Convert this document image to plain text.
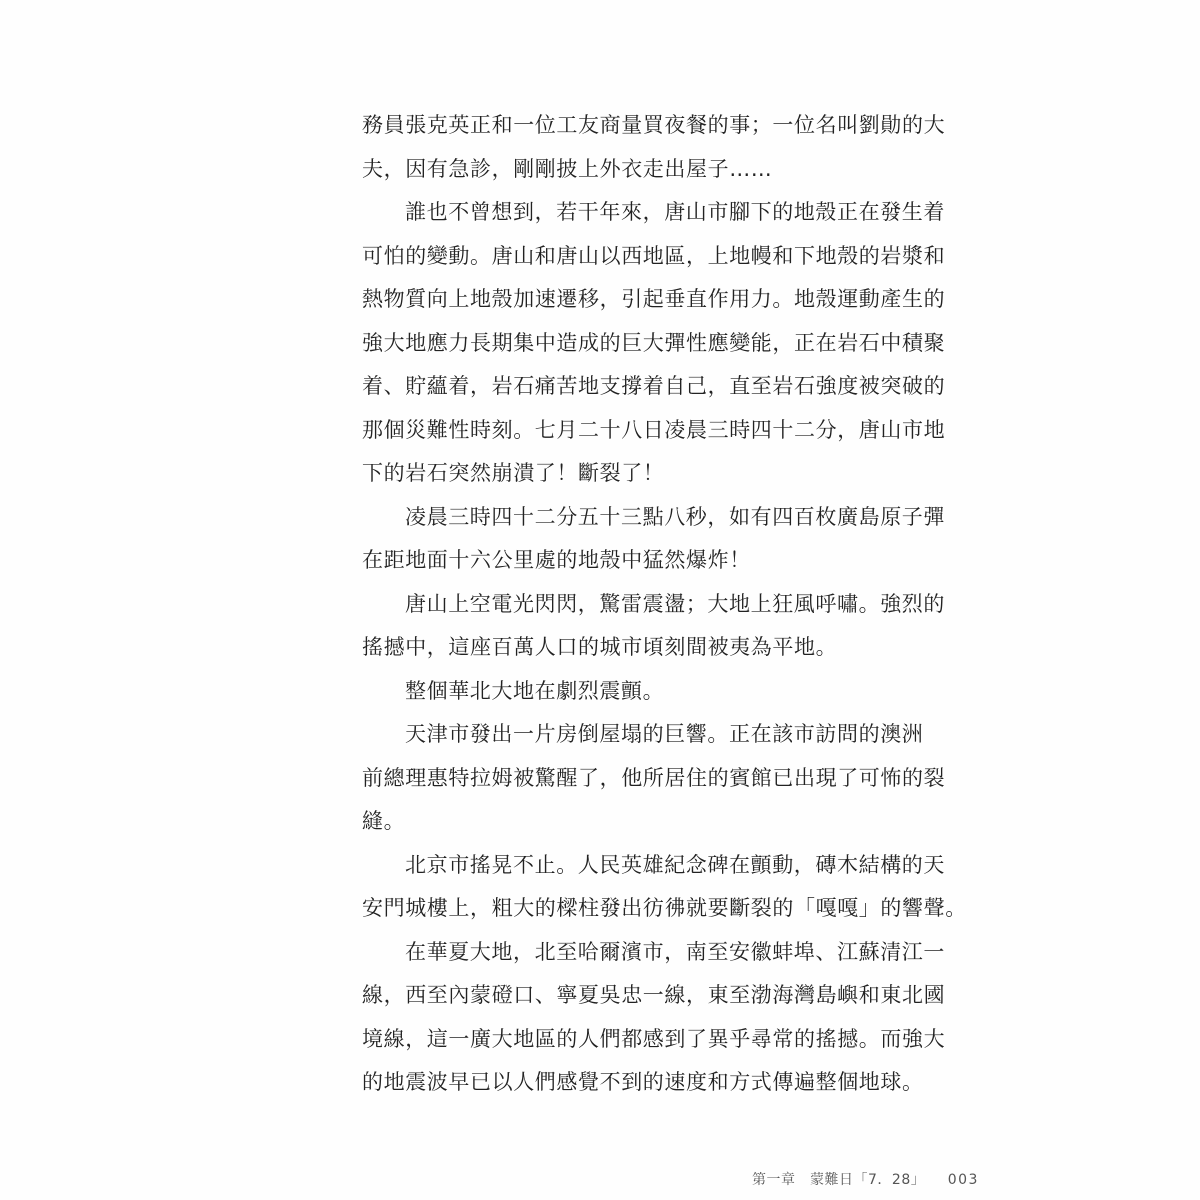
務員張克英正和一位工友商量買夜餐的事；一位名叫劉勛的大
夫，因有急診，剛剛披上外衣走出屋子……
誰也不曾想到，若干年來，唐山市腳下的地殼正在發生着
可怕的變動。唐山和唐山以西地區，上地幔和下地殼的岩漿和
熱物質向上地殼加速遷移，引起垂直作用力。地殼運動產生的
強大地應力長期集中造成的巨大彈性應變能，正在岩石中積聚
着、貯蘊着，岩石痛苦地支撐着自己，直至岩石強度被突破的
那個災難性時刻。七月二十八日凌晨三時四十二分，唐山市地
下的岩石突然崩潰了！斷裂了！
凌晨三時四十二分五十三點八秒，如有四百枚廣島原子彈
在距地面十六公里處的地殼中猛然爆炸！
唐山上空電光閃閃，驚雷震盪；大地上狂風呼嘯。強烈的
搖撼中，這座百萬人口的城市頃刻間被夷為平地。
整個華北大地在劇烈震顫。
天津市發出一片房倒屋塌的巨響。正在該市訪問的澳洲
前總理惠特拉姆被驚醒了，他所居住的賓館已出現了可怖的裂
縫。
北京市搖晃不止。人民英雄紀念碑在顫動，磚木結構的天
安門城樓上，粗大的樑柱發出彷彿就要斷裂的「嘎嘎」的響聲。
在華夏大地，北至哈爾濱市，南至安徽蚌埠、江蘇清江一
線，西至內蒙磴口、寧夏吳忠一線，東至渤海灣島嶼和東北國
境線，這一廣大地區的人們都感到了異乎尋常的搖撼。而強大
的地震波早已以人們感覺不到的速度和方式傳遍整個地球。
第一章　蒙難日「7．28」 003
